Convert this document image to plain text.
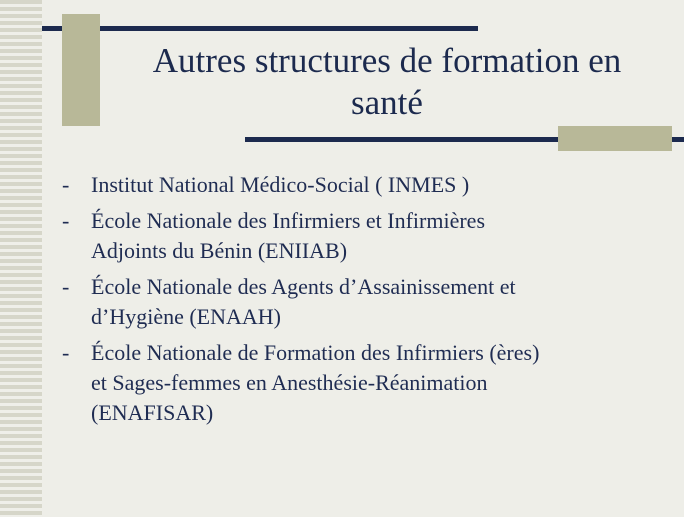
Autres structures de formation en
santé
- Institut National Médico-Social ( INMES )
- École Nationale des Infirmiers et Infirmières
Adjoints du Bénin (ENIIAB)
- École Nationale des Agents d’Assainissement et
d’Hygiène (ENAAH)
- École Nationale de Formation des Infirmiers (ères)
et Sages-femmes en Anesthésie-Réanimation
(ENAFISAR)
